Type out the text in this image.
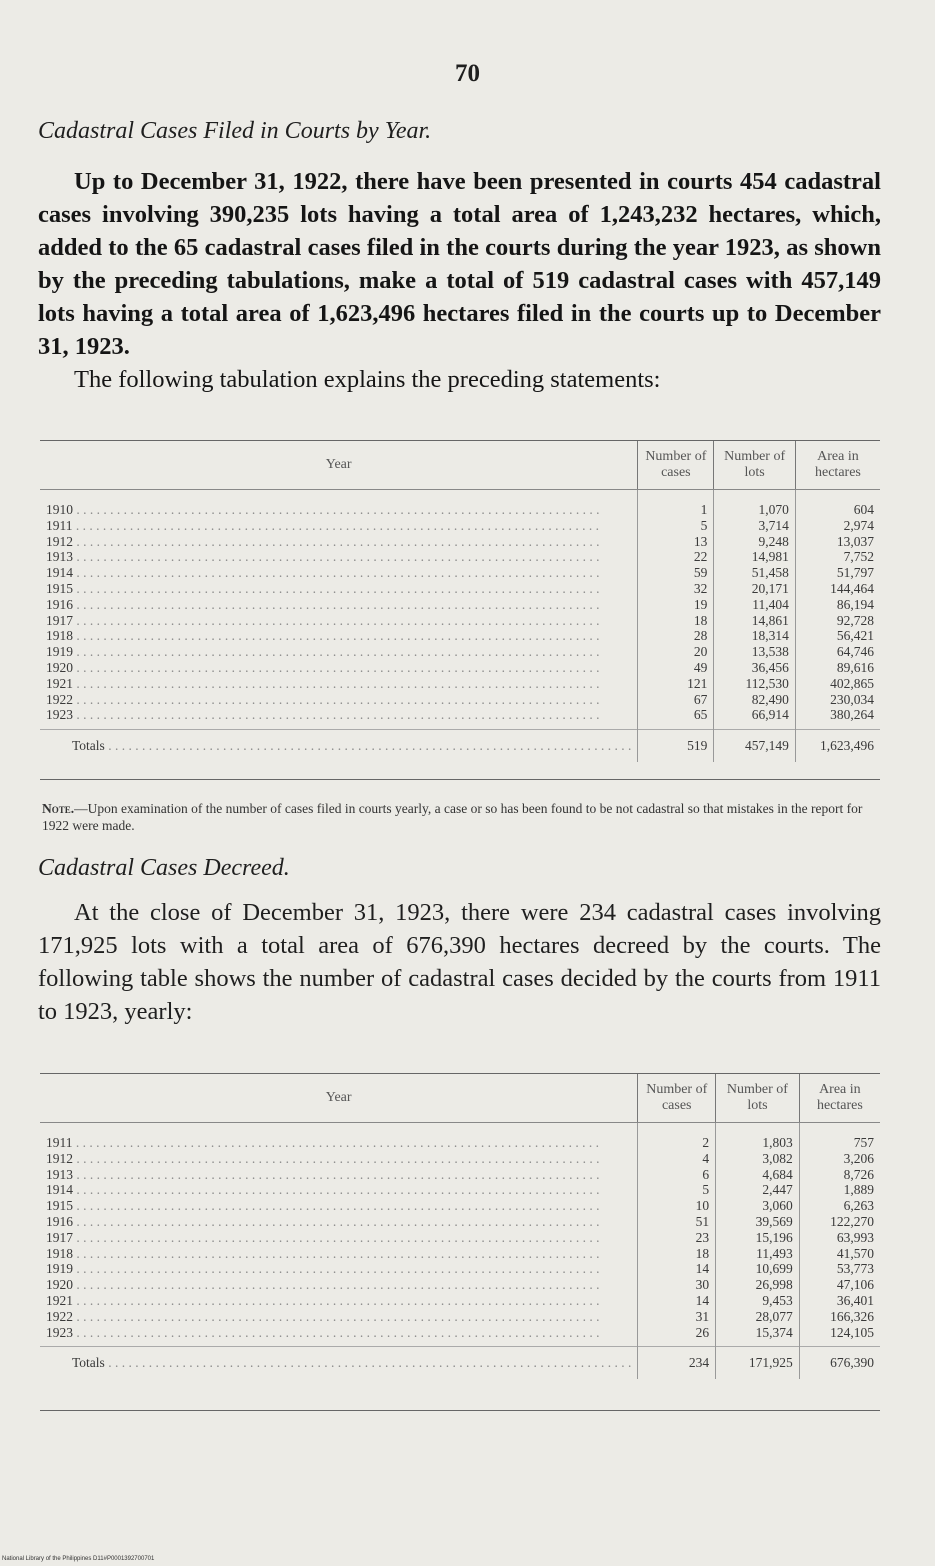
70
Cadastral Cases Filed in Courts by Year.

Up to December 31, 1922, there have been presented in courts 454 cadastral cases involving 390,235 lots having a total area of 1,243,232 hectares, which, added to the 65 cadastral cases filed in the courts during the year 1923, as shown by the preceding tabulations, make a total of 519 cadastral cases with 457,149 lots having a total area of 1,623,496 hectares filed in the courts up to December 31, 1923.

The following tabulation explains the preceding statements:

Year	Number of cases	Number of lots	Area in hectares
1910 . . .	1	1,070	604
1911 . . .	5	3,714	2,974
1912 . . .	13	9,248	13,037
1913 . . .	22	14,981	7,752
1914 . . .	59	51,458	51,797
1915 . . .	32	20,171	144,464
1916 . . .	19	11,404	86,194
1917 . . .	18	14,861	92,728
1918 . . .	28	18,314	56,421
1919 . . .	20	13,538	64,746
1920 . . .	49	36,456	89,616
1921 . . .	121	112,530	402,865
1922 . . .	67	82,490	230,034
1923 . . .	65	66,914	380,264
Totals . . .	519	457,149	1,623,496
Note.—Upon examination of the number of cases filed in courts yearly, a case or so has been found to be not cadastral so that mistakes in the report for 1922 were made.
Cadastral Cases Decreed.

At the close of December 31, 1923, there were 234 cadastral cases involving 171,925 lots with a total area of 676,390 hectares decreed by the courts. The following table shows the number of cadastral cases decided by the courts from 1911 to 1923, yearly:

Year	Number of cases	Number of lots	Area in hectares
1911 . . .	2	1,803	757
1912 . . .	4	3,082	3,206
1913 . . .	6	4,684	8,726
1914 . . .	5	2,447	1,889
1915 . . .	10	3,060	6,263
1916 . . .	51	39,569	122,270
1917 . . .	23	15,196	63,993
1918 . . .	18	11,493	41,570
1919 . . .	14	10,699	53,773
1920 . . .	30	26,998	47,106
1921 . . .	14	9,453	36,401
1922 . . .	31	28,077	166,326
1923 . . .	26	15,374	124,105
Totals . . .	234	171,925	676,390
National Library of the Philippines D11#P0001392700701
